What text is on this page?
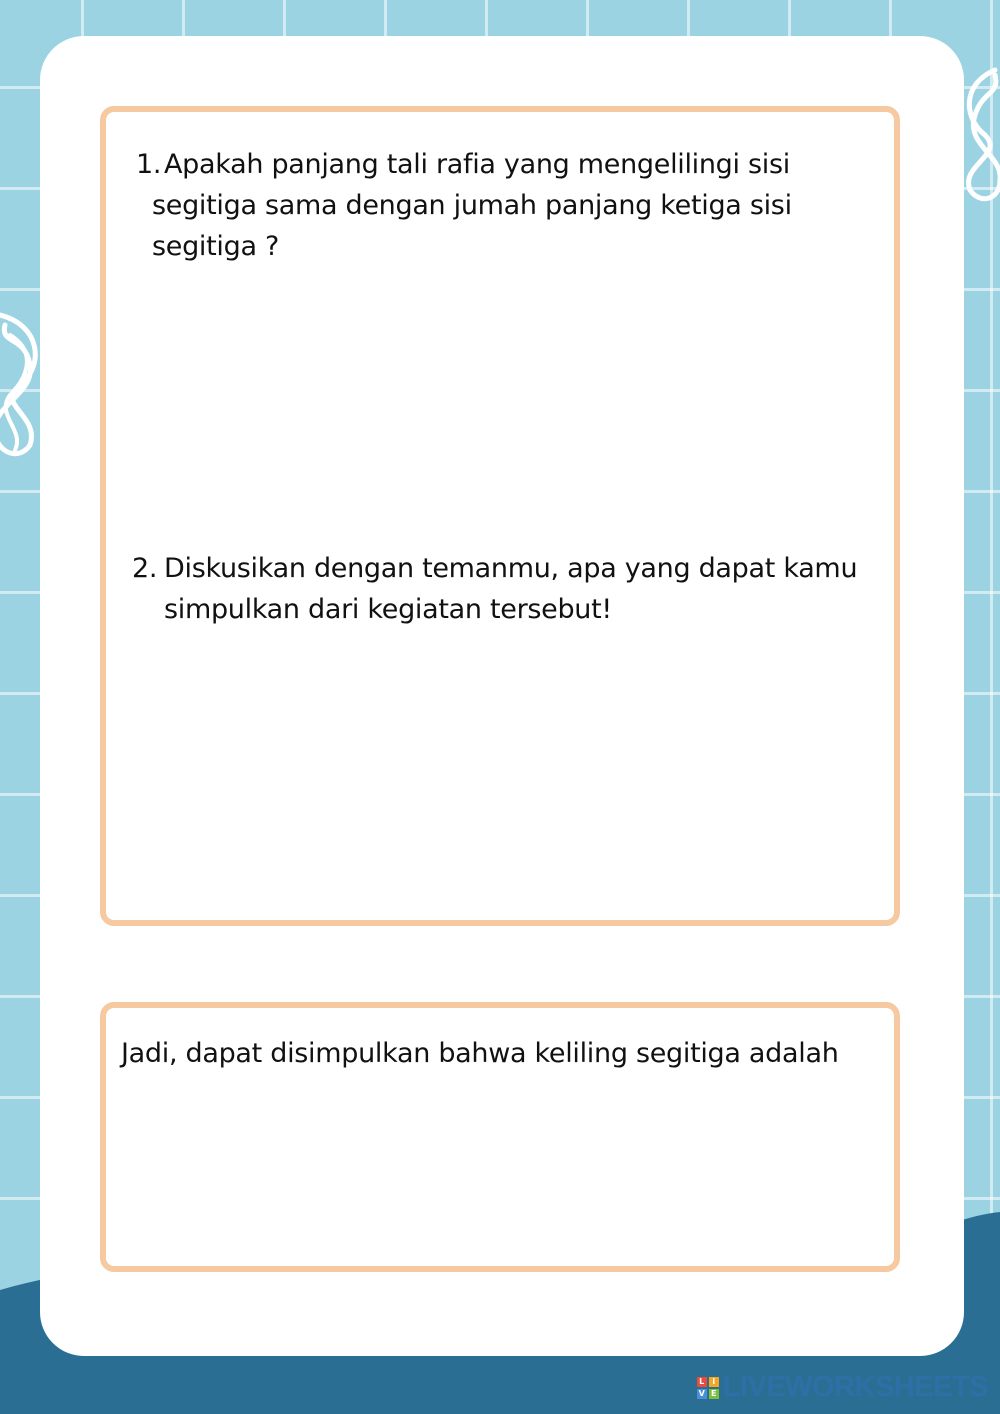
1. Apakah panjang tali rafia yang mengelilingi sisi
segitiga sama dengan jumah panjang ketiga sisi
segitiga ?
2. Diskusikan dengan temanmu, apa yang dapat kamu
simpulkan dari kegiatan tersebut!
Jadi, dapat disimpulkan bahwa keliling segitiga adalah
L I
V E LIVEWORKSHEETS
